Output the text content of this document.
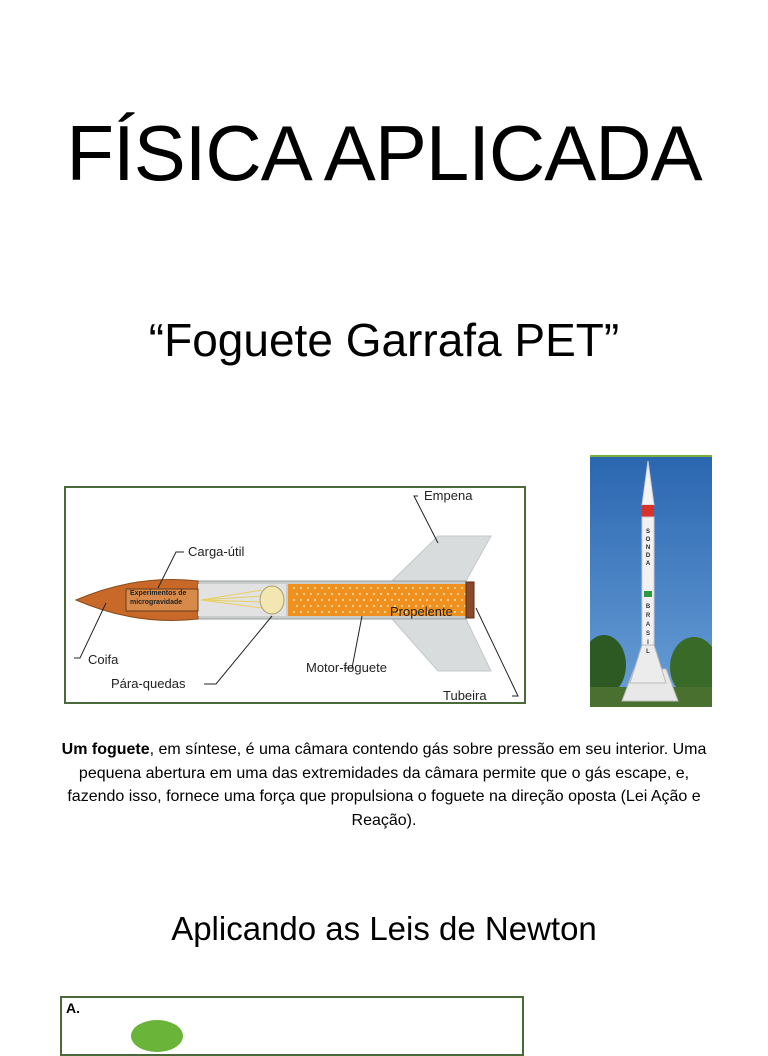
FÍSICA APLICADA
“Foguete Garrafa PET”
Empena
Carga-útil
Experimentos de
microgravidade
Propelente
Coifa
Pára-quedas
Motor-foguete
Tubeira
S
O
N
D
A
B
R
A
S
I
L

Um foguete, em síntese, é uma câmara contendo gás sobre pressão em seu interior. Uma pequena abertura em uma das extremidades da câmara permite que o gás escape, e, fazendo isso, fornece uma força que propulsiona o foguete na direção oposta (Lei Ação e Reação).

Aplicando as Leis de Newton
A.
